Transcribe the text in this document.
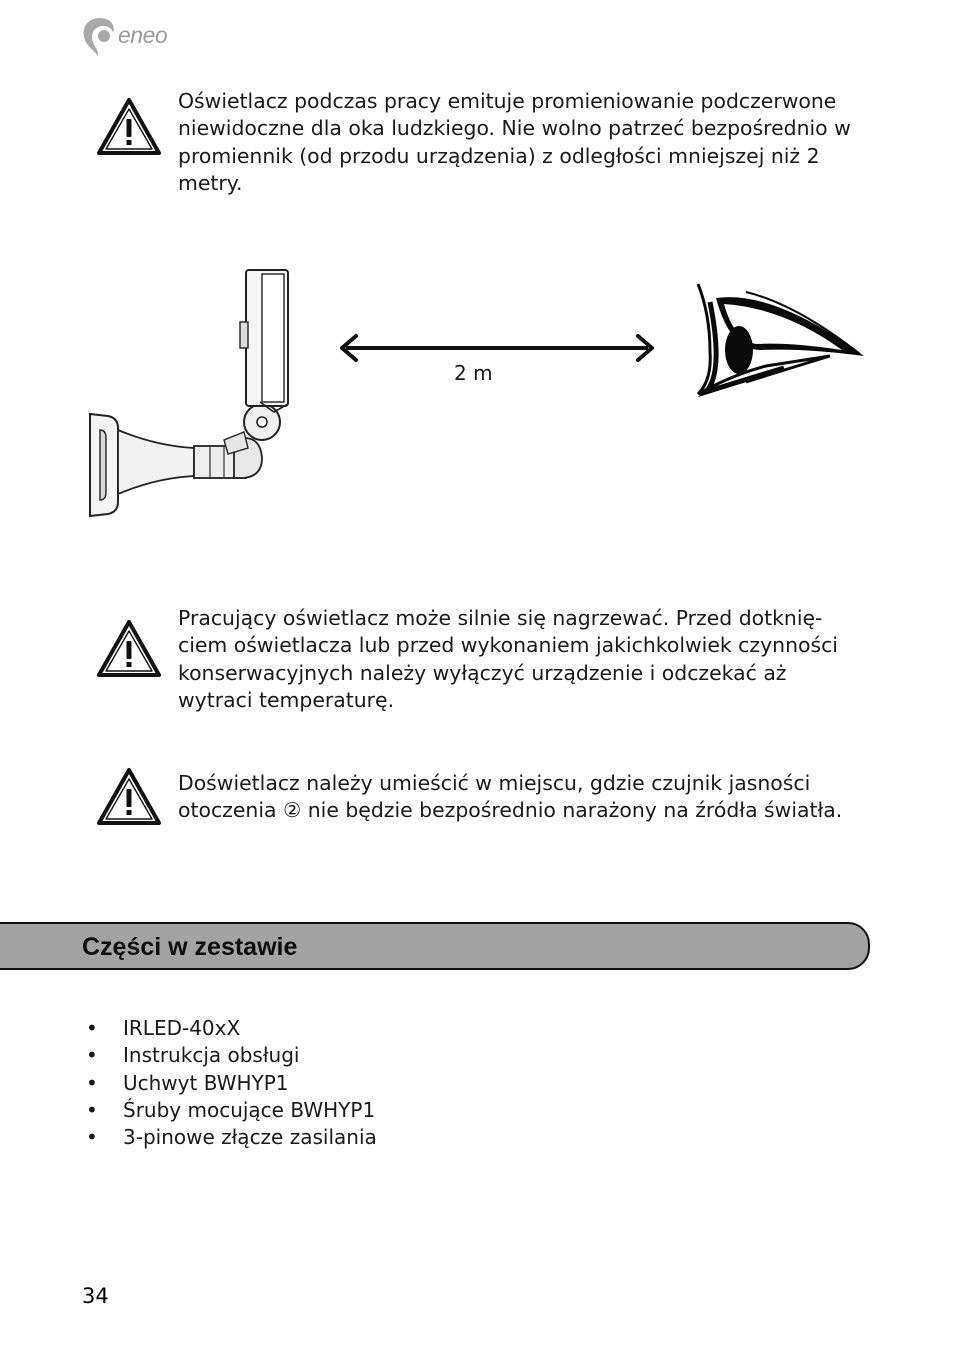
eneo

Oświetlacz podczas pracy emituje promieniowanie podczerwone

niewidoczne dla oka ludzkiego. Nie wolno patrzeć bezpośrednio w

promiennik (od przodu urządzenia) z odległości mniejszej niż 2

metry.

2 m

Pracujący oświetlacz może silnie się nagrzewać. Przed dotknię-

ciem oświetlacza lub przed wykonaniem jakichkolwiek czynności

konserwacyjnych należy wyłączyć urządzenie i odczekać aż

wytraci temperaturę.

Doświetlacz należy umieścić w miejscu, gdzie czujnik jasności

otoczenia ② nie będzie bezpośrednio narażony na źródła światła.

Części w zestawie
• IRLED-40xX
• Instrukcja obsługi
• Uchwyt BWHYP1
• Śruby mocujące BWHYP1
• 3-pinowe złącze zasilania
34
